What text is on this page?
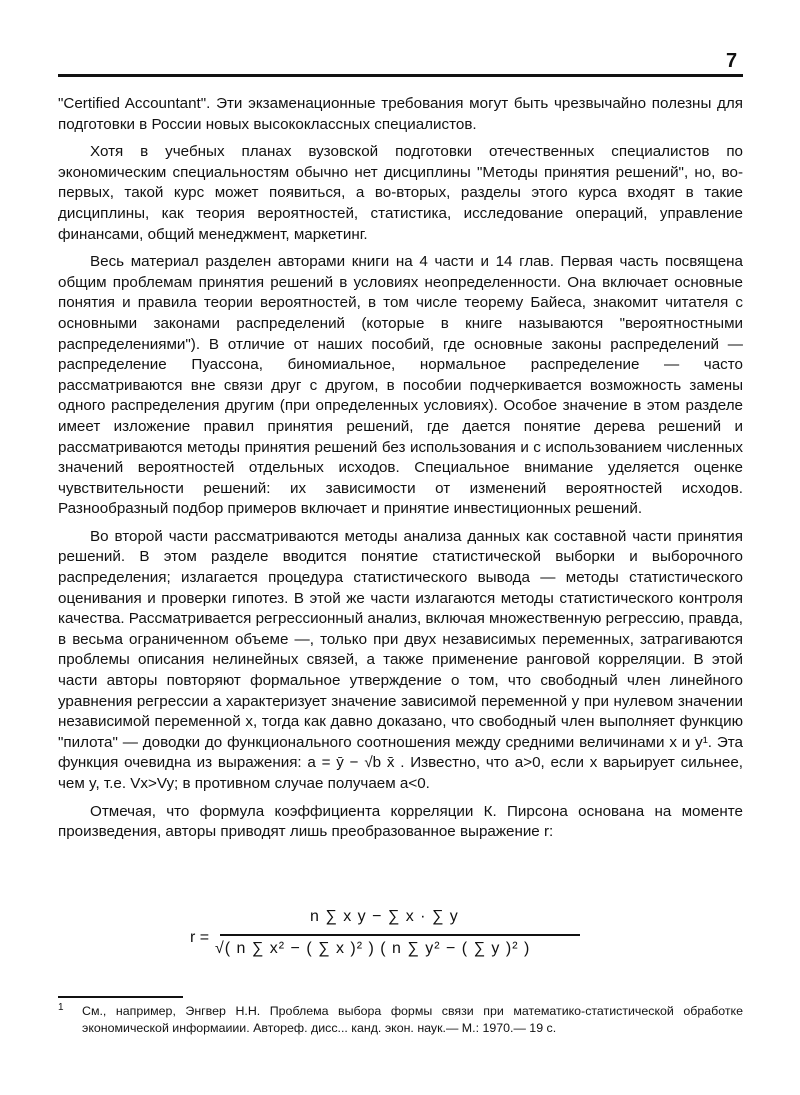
7

"Certified Accountant". Эти экзаменационные требования могут быть чрезвычайно полезны для подготовки в России новых высококлассных специалистов.

Хотя в учебных планах вузовской подготовки отечественных специалистов по экономическим специальностям обычно нет дисциплины "Методы принятия решений", но, во-первых, такой курс может появиться, а во-вторых, разделы этого курса входят в такие дисциплины, как теория вероятностей, статистика, исследование операций, управление финансами, общий менеджмент, маркетинг.

Весь материал разделен авторами книги на 4 части и 14 глав. Первая часть посвящена общим проблемам принятия решений в условиях неопределенности. Она включает основные понятия и правила теории вероятностей, в том числе теорему Байеса, знакомит читателя с основными законами распределений (которые в книге называются "вероятностными распределениями"). В отличие от наших пособий, где основные законы распределений — распределение Пуассона, биномиальное, нормальное распределение — часто рассматриваются вне связи друг с другом, в пособии подчеркивается возможность замены одного распределения другим (при определенных условиях). Особое значение в этом разделе имеет изложение правил принятия решений, где дается понятие дерева решений и рассматриваются методы принятия решений без использования и с использованием численных значений вероятностей отдельных исходов. Специальное внимание уделяется оценке чувствительности решений: их зависимости от изменений вероятностей исходов. Разнообразный подбор примеров включает и принятие инвестиционных решений.

Во второй части рассматриваются методы анализа данных как составной части принятия решений. В этом разделе вводится понятие статистической выборки и выборочного распределения; излагается процедура статистического вывода — методы статистического оценивания и проверки гипотез. В этой же части излагаются методы статистического контроля качества. Рассматривается регрессионный анализ, включая множественную регрессию, правда, в весьма ограниченном объеме —, только при двух независимых переменных, затрагиваются проблемы описания нелинейных связей, а также применение ранговой корреляции. В этой части авторы повторяют формальное утверждение о том, что свободный член линейного уравнения регрессии a характеризует значение зависимой переменной y при нулевом значении независимой переменной x, тогда как давно доказано, что свободный член выполняет функцию "пилота" — доводки до функционального соотношения между средними величинами x и y¹. Эта функция очевидна из выражения: a = ȳ − √b x̄ . Известно, что a>0, если x варьирует сильнее, чем y, т.е. Vx>Vy; в противном случае получаем a<0.

Отмечая, что формула коэффициента корреляции К. Пирсона основана на моменте произведения, авторы приводят лишь преобразованное выражение r:

r =
n ∑ x y − ∑ x · ∑ y
√( n ∑ x² − ( ∑ x )² ) ( n ∑ y² − ( ∑ y )² )
1 См., например, Энгвер Н.Н. Проблема выбора формы связи при математико-статистической обработке экономической информаиии. Автореф. дисс... канд. экон. наук.— М.: 1970.— 19 с.
